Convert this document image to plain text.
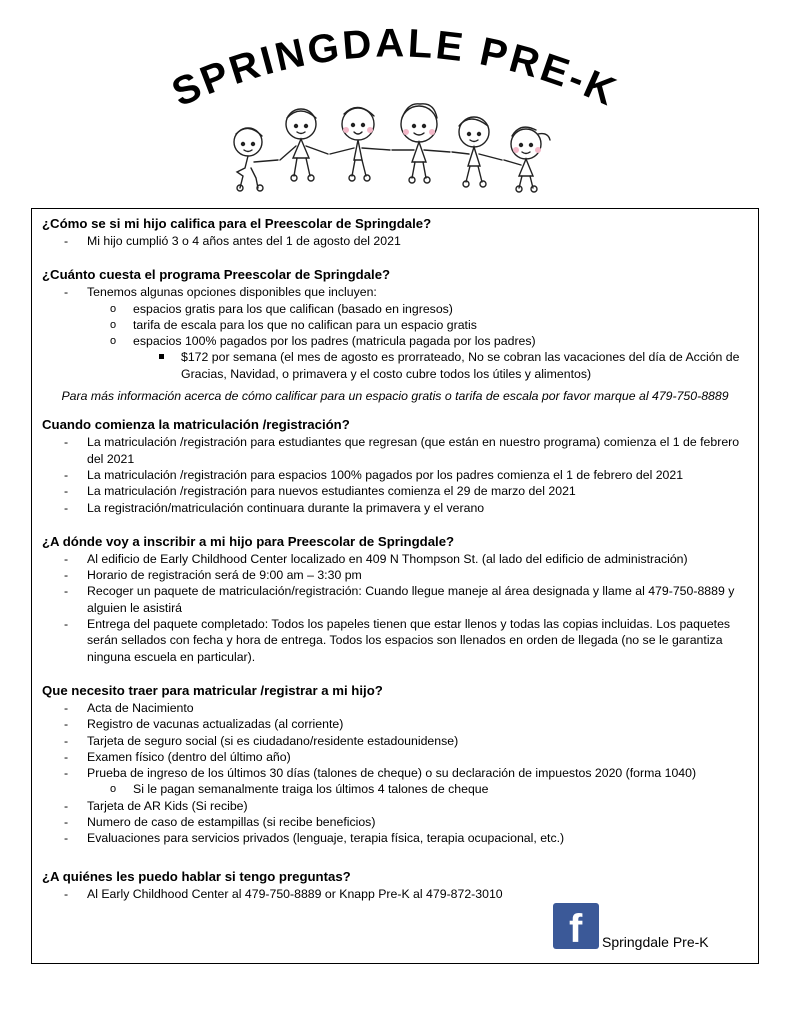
SPRINGDALE PRE-K

¿Cómo se si mi hijo califica para el Preescolar de Springdale?

- Mi hijo cumplió 3 o 4 años antes del 1 de agosto del 2021

¿Cuánto cuesta el programa Preescolar de Springdale?

- Tenemos algunas opciones disponibles que incluyen:
o espacios gratis para los que califican (basado en ingresos)
o tarifa de escala para los que no califican para un espacio gratis
o espacios 100% pagados por los padres (matricula pagada por los padres)
$172 por semana (el mes de agosto es prorrateado, No se cobran las vacaciones del día de Acción de Gracias, Navidad, o primavera y el costo cubre todos los útiles y alimentos)

Para más información acerca de cómo calificar para un espacio gratis o tarifa de escala por favor marque al 479-750-8889

Cuando comienza la matriculación /registración?

- La matriculación /registración para estudiantes que regresan (que están en nuestro programa) comienza el 1 de febrero del 2021
- La matriculación /registración para espacios 100% pagados por los padres comienza el 1 de febrero del 2021
- La matriculación /registración para nuevos estudiantes comienza el 29 de marzo del 2021
- La registración/matriculación continuara durante la primavera y el verano

¿A dónde voy a inscribir a mi hijo para Preescolar de Springdale?

- Al edificio de Early Childhood Center localizado en 409 N Thompson St. (al lado del edificio de administración)
- Horario de registración será de 9:00 am – 3:30 pm
- Recoger un paquete de matriculación/registración: Cuando llegue maneje al área designada y llame al 479-750-8889 y alguien le asistirá
- Entrega del paquete completado: Todos los papeles tienen que estar llenos y todas las copias incluidas. Los paquetes serán sellados con fecha y hora de entrega. Todos los espacios son llenados en orden de llegada (no se le garantiza ninguna escuela en particular).

Que necesito traer para matricular /registrar a mi hijo?

- Acta de Nacimiento
- Registro de vacunas actualizadas (al corriente)
- Tarjeta de seguro social (si es ciudadano/residente estadounidense)
- Examen físico (dentro del último año)
- Prueba de ingreso de los últimos 30 días (talones de cheque) o su declaración de impuestos 2020 (forma 1040)
o Si le pagan semanalmente traiga los últimos 4 talones de cheque
- Tarjeta de AR Kids (Si recibe)
- Numero de caso de estampillas (si recibe beneficios)
- Evaluaciones para servicios privados (lenguaje, terapia física, terapia ocupacional, etc.)

¿A quiénes les puedo hablar si tengo preguntas?

- Al Early Childhood Center al 479-750-8889 or Knapp Pre-K al 479-872-3010
f Springdale Pre-K
